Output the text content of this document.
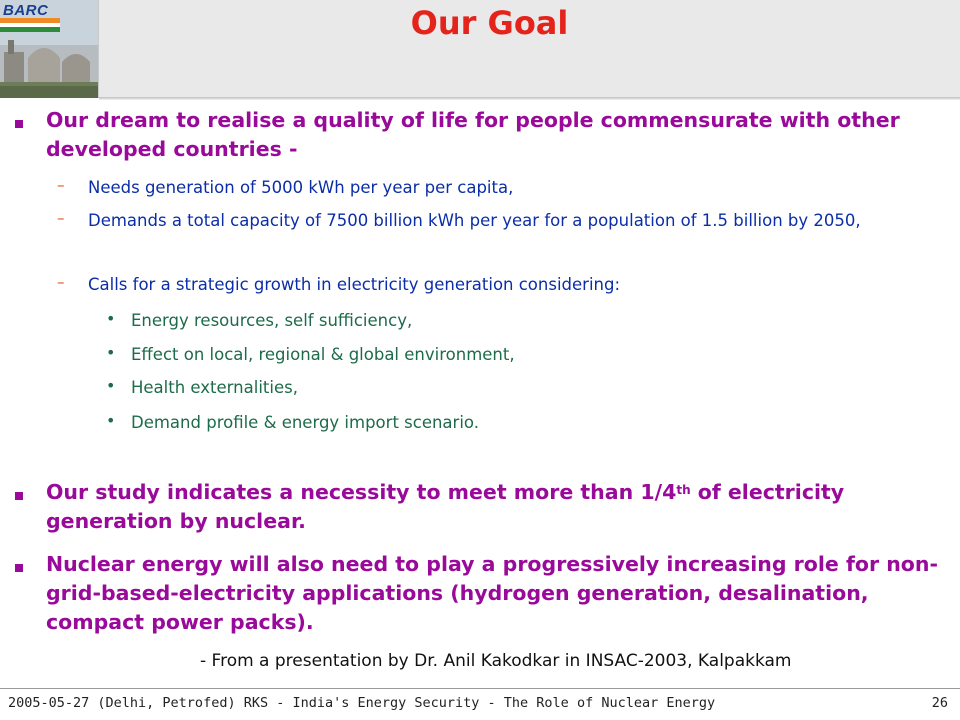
BARC	Our Goal
Our dream to realise a quality of life for people commensurate with other developed countries -
– Needs generation of 5000 kWh per year per capita,
– Demands a total capacity of 7500 billion kWh per year for a population of 1.5 billion by 2050,
– Calls for a strategic growth in electricity generation considering:
• Energy resources, self sufficiency,
• Effect on local, regional & global environment,
• Health externalities,
• Demand profile & energy import scenario.
Our study indicates a necessity to meet more than 1/4th of electricity generation by nuclear.
Nuclear energy will also need to play a progressively increasing role for non- grid-based-electricity applications (hydrogen generation, desalination, compact power packs).
- From a presentation by Dr. Anil Kakodkar in INSAC-2003, Kalpakkam
2005-05-27 (Delhi, Petrofed) RKS - India's Energy Security - The Role of Nuclear Energy	26
